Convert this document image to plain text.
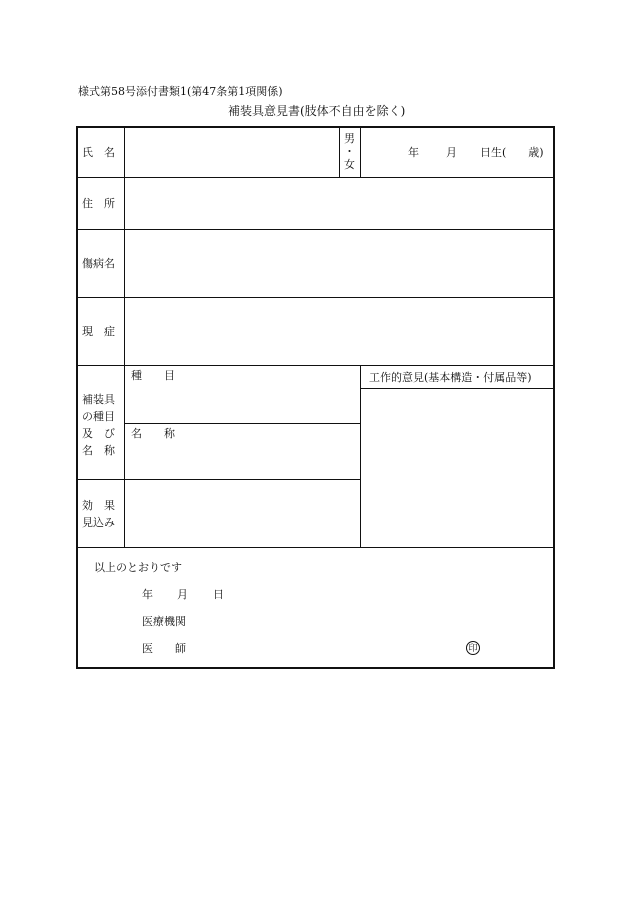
様式第58号添付書類1(第47条第1項関係)
補装具意見書(肢体不自由を除く)
氏　名
男
・
女
年 月 日生(　　歳)
住　所
傷病名
現　症
補装具
の種目
及　び
名　称
種　　目
名　　称
工作的意見(基本構造・付属品等)
効　果
見込み
以上のとおりです
年 月 日
医療機関
医　　師	印
